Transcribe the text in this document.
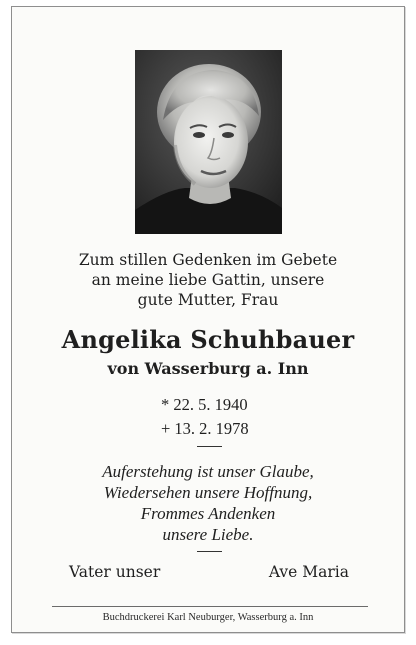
Zum stillen Gedenken im Gebete
an meine liebe Gattin, unsere
gute Mutter, Frau
Angelika Schuhbauer
von Wasserburg a. Inn
* 22. 5. 1940
+ 13. 2. 1978
Auferstehung ist unser Glaube,
Wiedersehen unsere Hoffnung,
Frommes Andenken
unsere Liebe.
Vater unser	Ave Maria
Buchdruckerei Karl Neuburger, Wasserburg a. Inn
